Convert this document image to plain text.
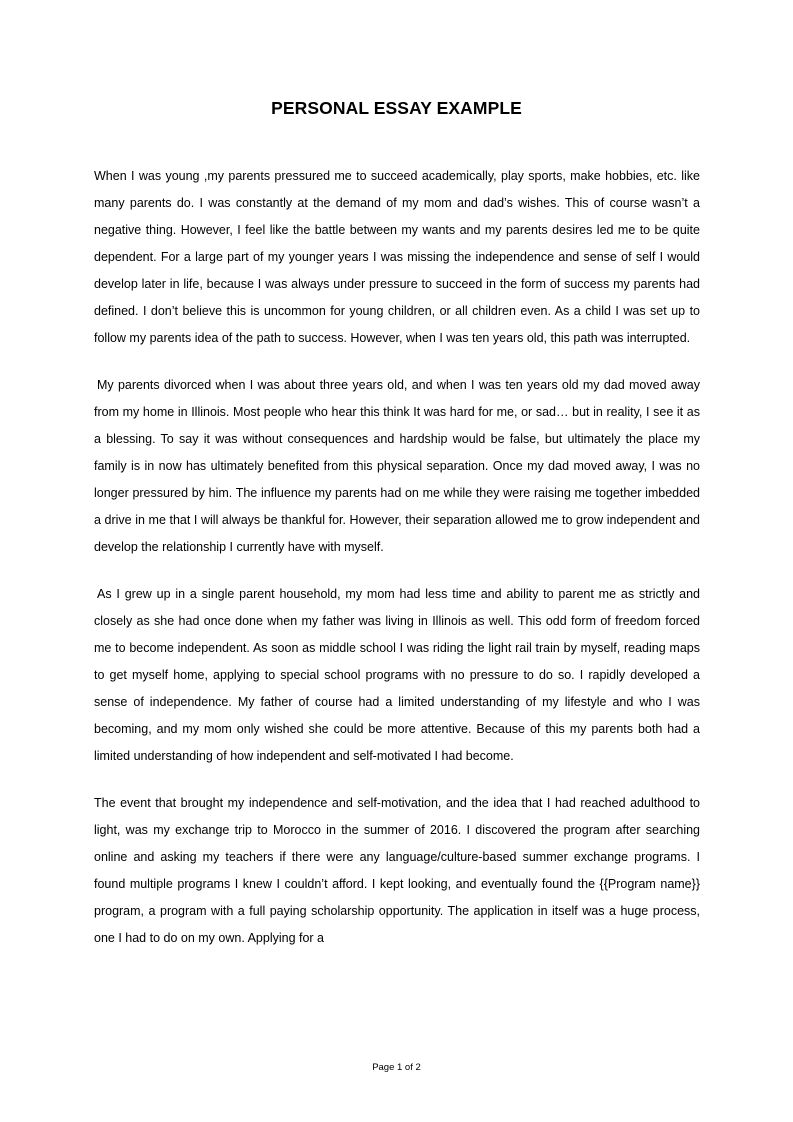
PERSONAL ESSAY EXAMPLE

When I was young ,my parents pressured me to succeed academically, play sports, make hobbies, etc. like many parents do. I was constantly at the demand of my mom and dad’s wishes. This of course wasn’t a negative thing. However, I feel like the battle between my wants and my parents desires led me to be quite dependent. For a large part of my younger years I was missing the independence and sense of self I would develop later in life, because I was always under pressure to succeed in the form of success my parents had defined. I don’t believe this is uncommon for young children, or all children even. As a child I was set up to follow my parents idea of the path to success. However, when I was ten years old, this path was interrupted.

My parents divorced when I was about three years old, and when I was ten years old my dad moved away from my home in Illinois. Most people who hear this think It was hard for me, or sad… but in reality, I see it as a blessing. To say it was without consequences and hardship would be false, but ultimately the place my family is in now has ultimately benefited from this physical separation. Once my dad moved away, I was no longer pressured by him. The influence my parents had on me while they were raising me together imbedded a drive in me that I will always be thankful for. However, their separation allowed me to grow independent and develop the relationship I currently have with myself.

As I grew up in a single parent household, my mom had less time and ability to parent me as strictly and closely as she had once done when my father was living in Illinois as well. This odd form of freedom forced me to become independent. As soon as middle school I was riding the light rail train by myself, reading maps to get myself home, applying to special school programs with no pressure to do so. I rapidly developed a sense of independence. My father of course had a limited understanding of my lifestyle and who I was becoming, and my mom only wished she could be more attentive. Because of this my parents both had a limited understanding of how independent and self-motivated I had become.

The event that brought my independence and self-motivation, and the idea that I had reached adulthood to light, was my exchange trip to Morocco in the summer of 2016. I discovered the program after searching online and asking my teachers if there were any language/culture-based summer exchange programs. I found multiple programs I knew I couldn’t afford. I kept looking, and eventually found the {{Program name}} program, a program with a full paying scholarship opportunity. The application in itself was a huge process, one I had to do on my own. Applying for a

Page 1 of 2
